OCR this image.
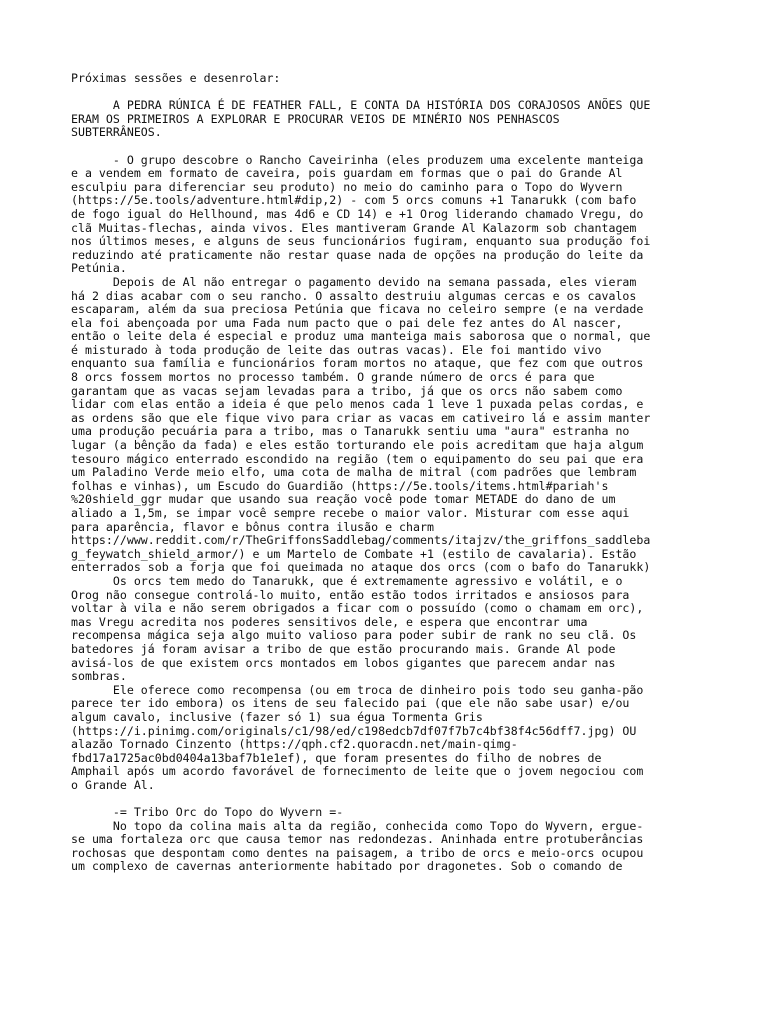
Próximas sessões e desenrolar:
A PEDRA RÚNICA É DE FEATHER FALL, E CONTA DA HISTÓRIA DOS CORAJOSOS ANÕES QUE
ERAM OS PRIMEIROS A EXPLORAR E PROCURAR VEIOS DE MINÉRIO NOS PENHASCOS
SUBTERRÂNEOS.
- O grupo descobre o Rancho Caveirinha (eles produzem uma excelente manteiga
e a vendem em formato de caveira, pois guardam em formas que o pai do Grande Al
esculpiu para diferenciar seu produto) no meio do caminho para o Topo do Wyvern
(https://5e.tools/adventure.html#dip,2) - com 5 orcs comuns +1 Tanarukk (com bafo
de fogo igual do Hellhound, mas 4d6 e CD 14) e +1 Orog liderando chamado Vregu, do
clã Muitas-flechas, ainda vivos. Eles mantiveram Grande Al Kalazorm sob chantagem
nos últimos meses, e alguns de seus funcionários fugiram, enquanto sua produção foi
reduzindo até praticamente não restar quase nada de opções na produção do leite da
Petúnia.
Depois de Al não entregar o pagamento devido na semana passada, eles vieram
há 2 dias acabar com o seu rancho. O assalto destruiu algumas cercas e os cavalos
escaparam, além da sua preciosa Petúnia que ficava no celeiro sempre (e na verdade
ela foi abençoada por uma Fada num pacto que o pai dele fez antes do Al nascer,
então o leite dela é especial e produz uma manteiga mais saborosa que o normal, que
é misturado à toda produção de leite das outras vacas). Ele foi mantido vivo
enquanto sua família e funcionários foram mortos no ataque, que fez com que outros
8 orcs fossem mortos no processo também. O grande número de orcs é para que
garantam que as vacas sejam levadas para a tribo, já que os orcs não sabem como
lidar com elas então a ideia é que pelo menos cada 1 leve 1 puxada pelas cordas, e
as ordens são que ele fique vivo para criar as vacas em cativeiro lá e assim manter
uma produção pecuária para a tribo, mas o Tanarukk sentiu uma "aura" estranha no
lugar (a bênção da fada) e eles estão torturando ele pois acreditam que haja algum
tesouro mágico enterrado escondido na região (tem o equipamento do seu pai que era
um Paladino Verde meio elfo, uma cota de malha de mitral (com padrões que lembram
folhas e vinhas), um Escudo do Guardião (https://5e.tools/items.html#pariah's
%20shield_ggr mudar que usando sua reação você pode tomar METADE do dano de um
aliado a 1,5m, se impar você sempre recebe o maior valor. Misturar com esse aqui
para aparência, flavor e bônus contra ilusão e charm
https://www.reddit.com/r/TheGriffonsSaddlebag/comments/itajzv/the_griffons_saddleba
g_feywatch_shield_armor/) e um Martelo de Combate +1 (estilo de cavalaria). Estão
enterrados sob a forja que foi queimada no ataque dos orcs (com o bafo do Tanarukk)
Os orcs tem medo do Tanarukk, que é extremamente agressivo e volátil, e o
Orog não consegue controlá-lo muito, então estão todos irritados e ansiosos para
voltar à vila e não serem obrigados a ficar com o possuído (como o chamam em orc),
mas Vregu acredita nos poderes sensitivos dele, e espera que encontrar uma
recompensa mágica seja algo muito valioso para poder subir de rank no seu clã. Os
batedores já foram avisar a tribo de que estão procurando mais. Grande Al pode
avisá-los de que existem orcs montados em lobos gigantes que parecem andar nas
sombras.
Ele oferece como recompensa (ou em troca de dinheiro pois todo seu ganha-pão
parece ter ido embora) os itens de seu falecido pai (que ele não sabe usar) e/ou
algum cavalo, inclusive (fazer só 1) sua égua Tormenta Gris
(https://i.pinimg.com/originals/c1/98/ed/c198edcb7df07f7b7c4bf38f4c56dff7.jpg) OU
alazão Tornado Cinzento (https://qph.cf2.quoracdn.net/main-qimg-
fbd17a1725ac0bd0404a13baf7b1e1ef), que foram presentes do filho de nobres de
Amphail após um acordo favorável de fornecimento de leite que o jovem negociou com
o Grande Al.
-= Tribo Orc do Topo do Wyvern =-
No topo da colina mais alta da região, conhecida como Topo do Wyvern, ergue-
se uma fortaleza orc que causa temor nas redondezas. Aninhada entre protuberâncias
rochosas que despontam como dentes na paisagem, a tribo de orcs e meio-orcs ocupou
um complexo de cavernas anteriormente habitado por dragonetes. Sob o comando de
